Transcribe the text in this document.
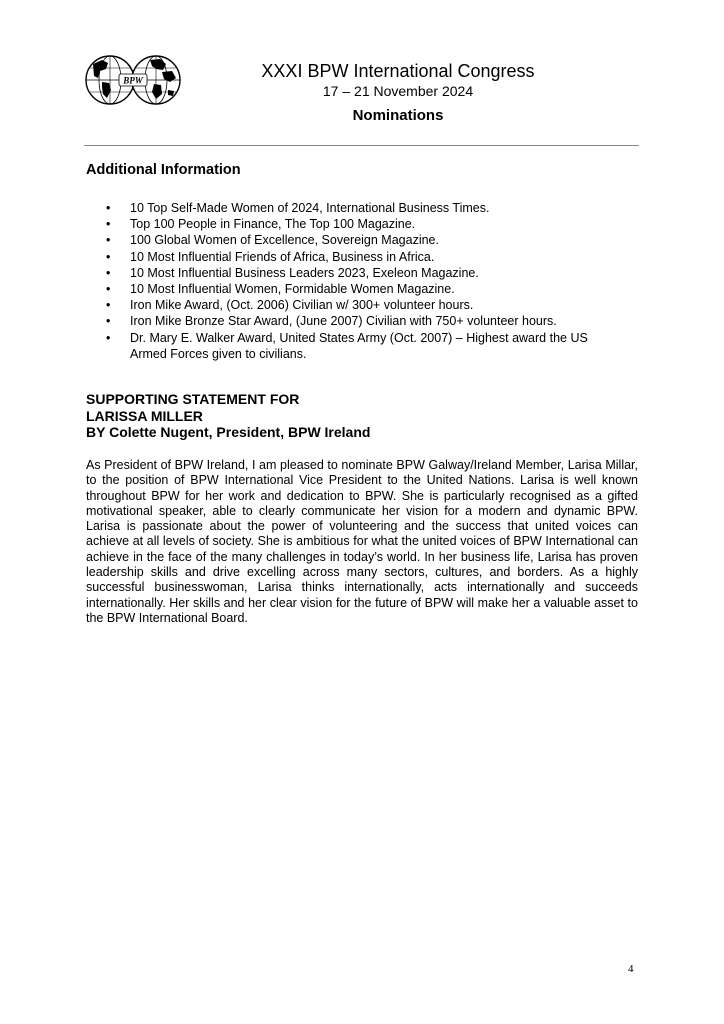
BPW	XXXI BPW International Congress
17 – 21 November 2024
Nominations
Additional Information
• 10 Top Self-Made Women of 2024, International Business Times.
• Top 100 People in Finance, The Top 100 Magazine.
• 100 Global Women of Excellence, Sovereign Magazine.
• 10 Most Influential Friends of Africa, Business in Africa.
• 10 Most Influential Business Leaders 2023, Exeleon Magazine.
• 10 Most Influential Women, Formidable Women Magazine.
• Iron Mike Award, (Oct. 2006) Civilian w/ 300+ volunteer hours.
• Iron Mike Bronze Star Award, (June 2007) Civilian with 750+ volunteer hours.
• Dr. Mary E. Walker Award, United States Army (Oct. 2007) – Highest award the US Armed Forces given to civilians.
SUPPORTING STATEMENT FOR
LARISSA MILLER
BY Colette Nugent, President, BPW Ireland

As President of BPW Ireland, I am pleased to nominate BPW Galway/Ireland Member, Larisa Millar, to the position of BPW International Vice President to the United Nations. Larisa is well known throughout BPW for her work and dedication to BPW. She is particularly recognised as a gifted motivational speaker, able to clearly communicate her vision for a modern and dynamic BPW. Larisa is passionate about the power of volunteering and the success that united voices can achieve at all levels of society. She is ambitious for what the united voices of BPW International can achieve in the face of the many challenges in today’s world. In her business life, Larisa has proven leadership skills and drive excelling across many sectors, cultures, and borders. As a highly successful businesswoman, Larisa thinks internationally, acts internationally and succeeds internationally. Her skills and her clear vision for the future of BPW will make her a valuable asset to the BPW International Board.

4
